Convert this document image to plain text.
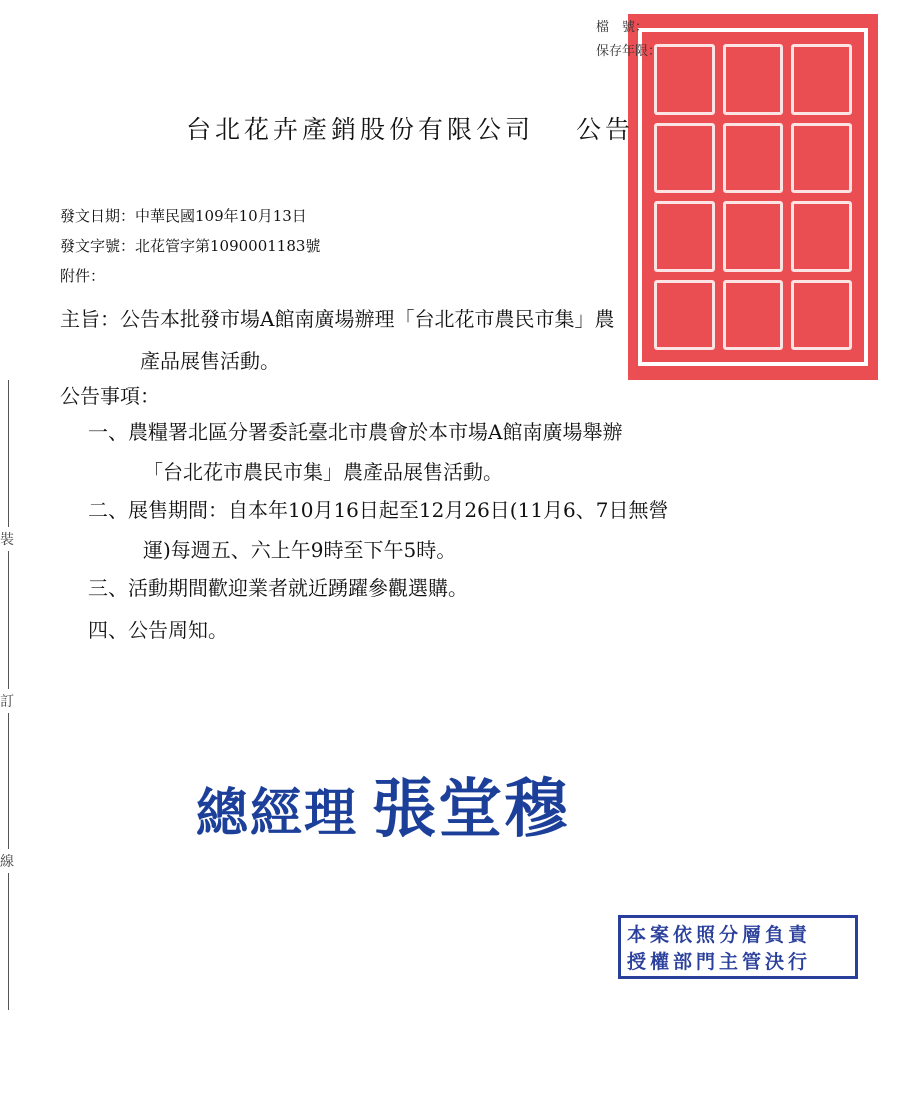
檔　號：
保存年限：
台北花卉產銷股份有限公司 公告
發文日期：中華民國109年10月13日
發文字號：北花管字第1090001183號
附件：
主旨：公告本批發市場A館南廣場辦理「台北花市農民市集」農
產品展售活動。
公告事項：
一、農糧署北區分署委託臺北市農會於本市場A館南廣場舉辦
「台北花市農民市集」農產品展售活動。
二、展售期間：自本年10月16日起至12月26日(11月6、7日無營
運)每週五、六上午9時至下午5時。
三、活動期間歡迎業者就近踴躍參觀選購。
四、公告周知。
裝
訂
線
總經理 張堂穆
本案依照分層負責
授權部門主管決行
